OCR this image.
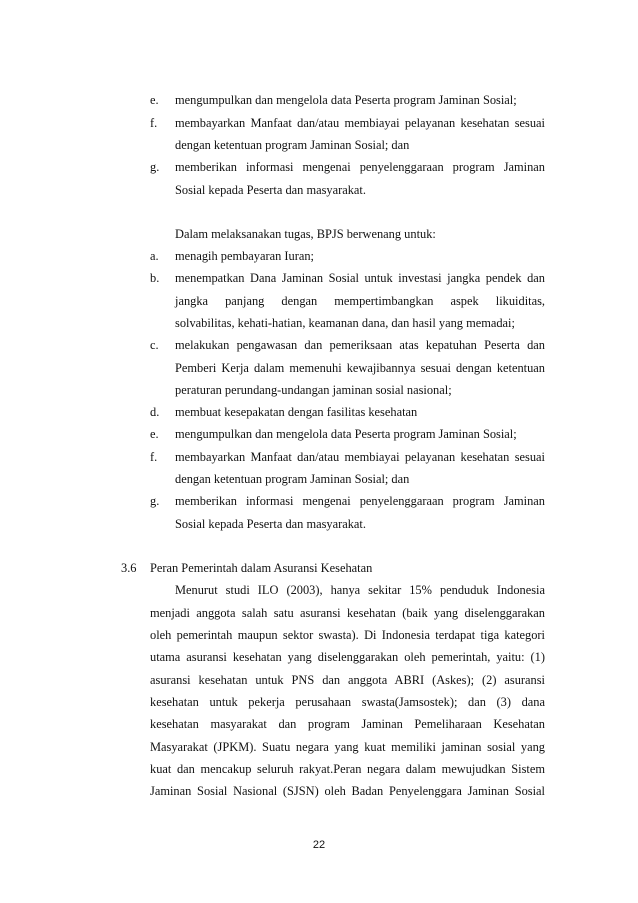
e. mengumpulkan dan mengelola data Peserta program Jaminan Sosial;
f. membayarkan Manfaat dan/atau membiayai pelayanan kesehatan sesuai
dengan ketentuan program Jaminan Sosial; dan
g. memberikan informasi mengenai penyelenggaraan program Jaminan
Sosial kepada Peserta dan masyarakat.
Dalam melaksanakan tugas, BPJS berwenang untuk:
a. menagih pembayaran Iuran;
b. menempatkan Dana Jaminan Sosial untuk investasi jangka pendek dan
jangka panjang dengan mempertimbangkan aspek likuiditas,
solvabilitas, kehati-hatian, keamanan dana, dan hasil yang memadai;
c. melakukan pengawasan dan pemeriksaan atas kepatuhan Peserta dan
Pemberi Kerja dalam memenuhi kewajibannya sesuai dengan ketentuan
peraturan perundang-undangan jaminan sosial nasional;
d. membuat kesepakatan dengan fasilitas kesehatan
e. mengumpulkan dan mengelola data Peserta program Jaminan Sosial;
f. membayarkan Manfaat dan/atau membiayai pelayanan kesehatan sesuai
dengan ketentuan program Jaminan Sosial; dan
g. memberikan informasi mengenai penyelenggaraan program Jaminan
Sosial kepada Peserta dan masyarakat.
3.6 Peran Pemerintah dalam Asuransi Kesehatan
Menurut studi ILO (2003), hanya sekitar 15% penduduk Indonesia
menjadi anggota salah satu asuransi kesehatan (baik yang diselenggarakan
oleh pemerintah maupun sektor swasta). Di Indonesia terdapat tiga kategori
utama asuransi kesehatan yang diselenggarakan oleh pemerintah, yaitu: (1)
asuransi kesehatan untuk PNS dan anggota ABRI (Askes); (2) asuransi
kesehatan untuk pekerja perusahaan swasta(Jamsostek); dan (3) dana
kesehatan masyarakat dan program Jaminan Pemeliharaan Kesehatan
Masyarakat (JPKM). Suatu negara yang kuat memiliki jaminan sosial yang
kuat dan mencakup seluruh rakyat.Peran negara dalam mewujudkan Sistem
Jaminan Sosial Nasional (SJSN) oleh Badan Penyelenggara Jaminan Sosial
22
